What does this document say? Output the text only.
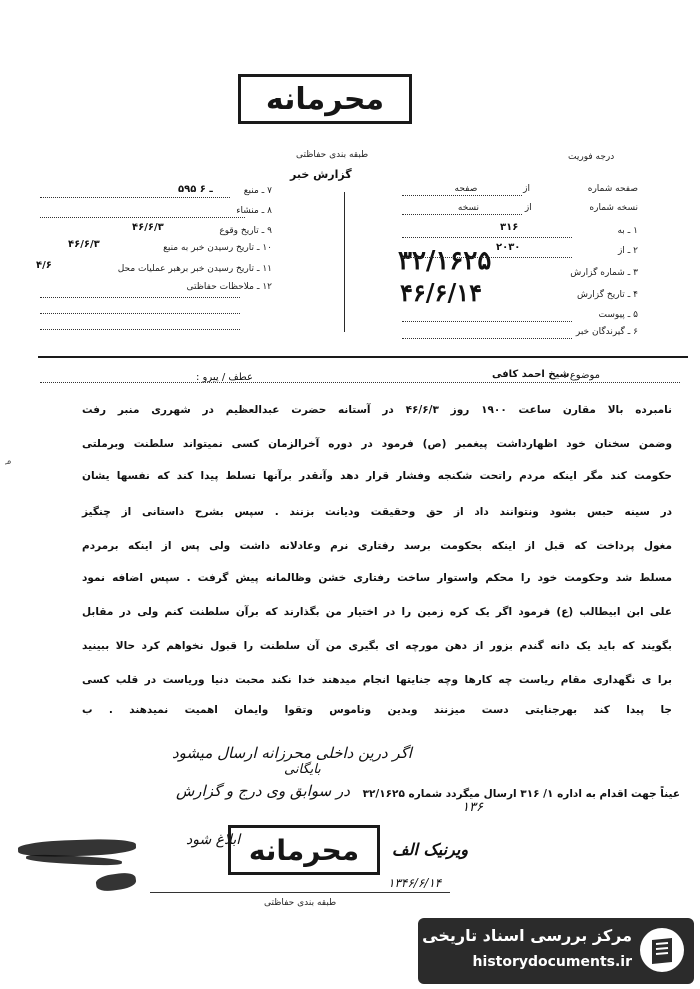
محرمانه
طبقه بندی حفاظتی	درجه فوریت
گزارش خبر
صفحه شماره  از  صفحه
نسخه شماره  از  نسخه
۱ ـ به
۳۱۶
۲ ـ از
۲۰۳۰
۳ ـ شماره گزارش
۳۲/۱۶۲۵
۴ ـ تاریخ گزارش
۴۶/۶/۱۴
۵ ـ پیوست
۶ ـ گیرندگان خبر
۷ ـ منبع
۵۹۵ ـ ۶
۸ ـ منشاء
۹ ـ تاریخ وقوع
۴۶/۶/۳
۱۰ ـ تاریخ رسیدن خبر به منبع
۴۶/۶/۳
۱۱ ـ تاریخ رسیدن خبر برهبر عملیات محل
۴/۶
۱۲ ـ ملاحظات حفاظتی
موضوع :
شیخ احمد کافی
عطف / پیرو :
نامبرده بالا مقارن ساعت ۱۹۰۰ روز ۴۶/۶/۳ در آستانه حضرت عبدالعظیم در شهرری منبر رفت
وضمن سخنان خود اظهارداشت پیغمبر (ص) فرمود در دوره آخرالزمان کسی نمیتواند سلطنت وبرملتی
حکومت کند مگر اینکه مردم راتحت شکنجه وفشار قرار دهد وآنقدر برآنها تسلط پیدا کند که نفسها یشان
در سینه حبس بشود ونتوانند داد از حق وحقیقت ودیانت بزنند . سپس بشرح داستانی از چنگیز
مغول پرداخت که قبل از اینکه بحکومت برسد رفتاری نرم وعادلانه داشت ولی پس از اینکه برمردم
مسلط شد وحکومت خود را محکم واستوار ساخت رفتاری خشن وظالمانه پیش گرفت . سپس اضافه نمود
علی ابن ابیطالب (ع) فرمود اگر یک کره زمین را در اختیار من بگذارند که برآن سلطنت کنم ولی در مقابل
بگویند که باید یک دانه گندم بزور از دهن مورچه ای بگیری من آن سلطنت را قبول نخواهم کرد حالا ببینید
برا ی نگهداری مقام ریاست چه کارها وچه جنایتها انجام میدهند خدا نکند محبت دنیا وریاست در قلب کسی
جا پیدا کند بهرجنایتی دست میزنند وبدین وناموس وتقوا وایمان اهمیت نمیدهند . ب
عیناً جهت اقدام به اداره ۱/ ۳۱۶ ارسال میگردد شماره ۳۲/۱۶۲۵
اگر درین داخلی محرزانه ارسال میشود
بایگانی
در سوابق وی درج و گزارش
ابلاغ شود
۱۳۶
ویرنیک الف
۱۳۴۶/۶/۱۴
محرمانه
طبقه بندی حفاظتی
۹
مرکز بررسی اسناد تاریخی
historydocuments.ir
